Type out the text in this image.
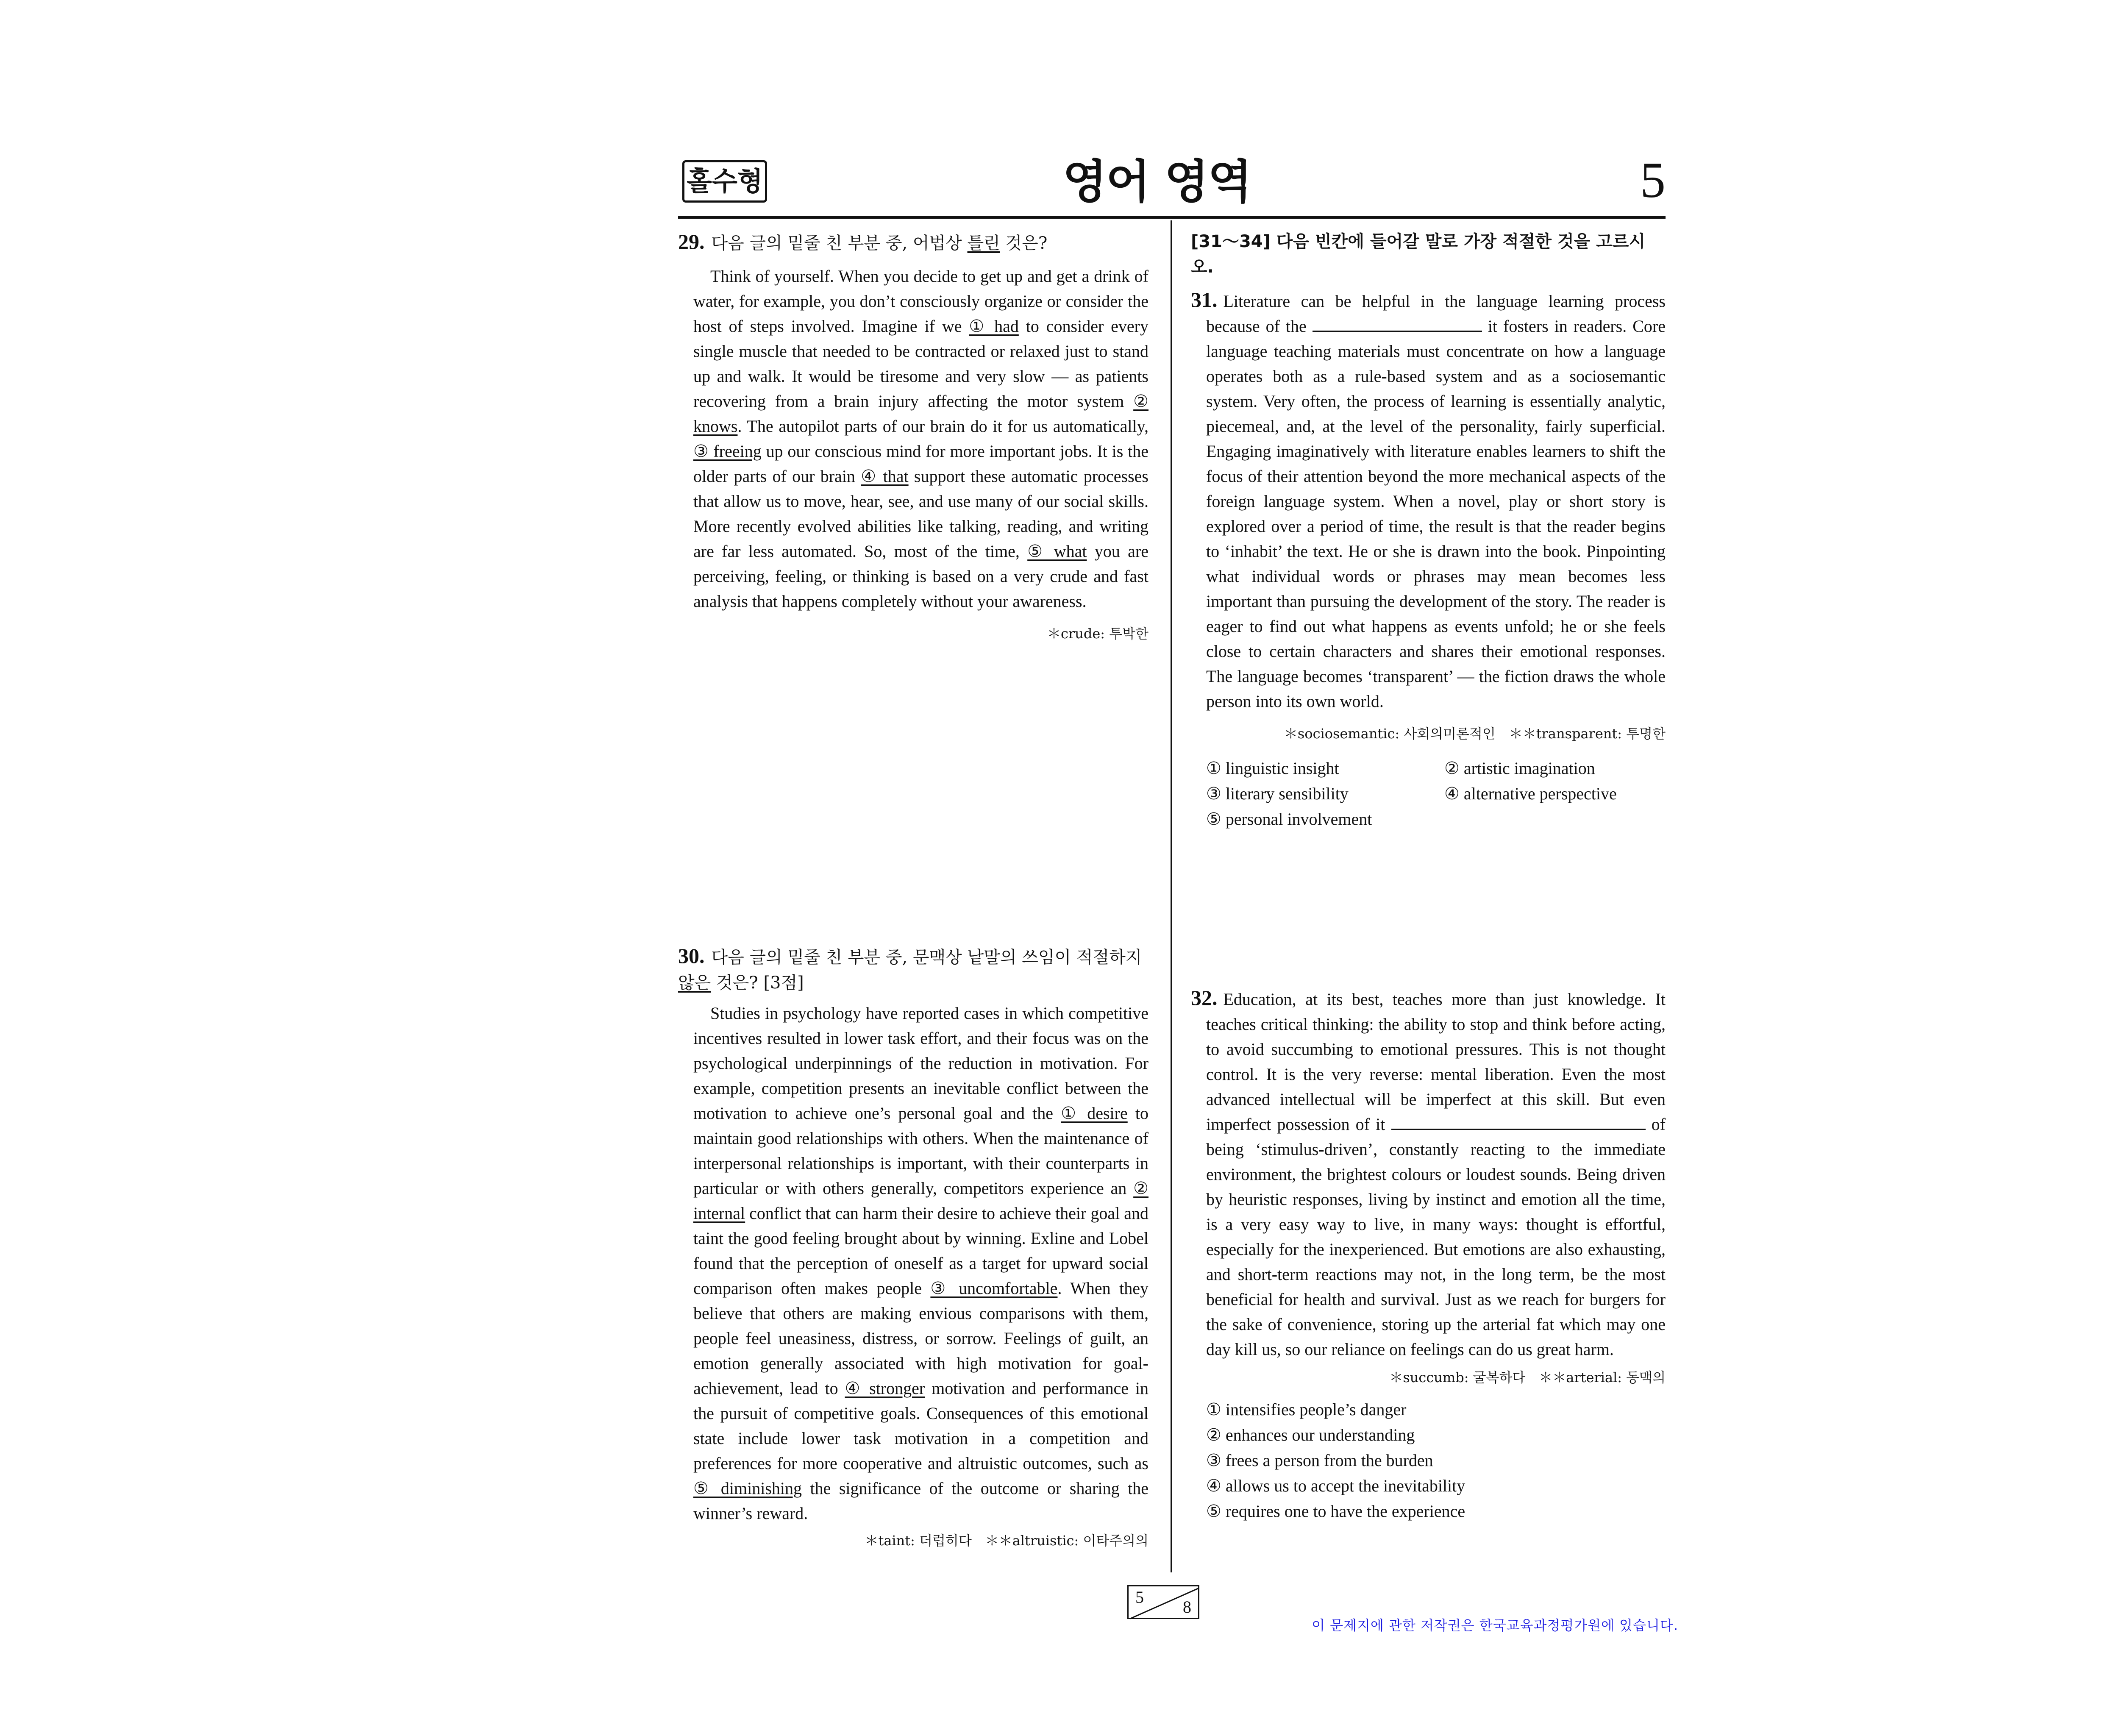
홀수형	영어 영역	5

29. 다음 글의 밑줄 친 부분 중, 어법상 틀린 것은?

Think of yourself. When you decide to get up and get a drink of water, for example, you don’t consciously organize or consider the host of steps involved. Imagine if we ① had to consider every single muscle that needed to be contracted or relaxed just to stand up and walk. It would be tiresome and very slow — as patients recovering from a brain injury affecting the motor system ② knows. The autopilot parts of our brain do it for us automatically, ③ freeing up our conscious mind for more important jobs. It is the older parts of our brain ④ that support these automatic processes that allow us to move, hear, see, and use many of our social skills. More recently evolved abilities like talking, reading, and writing are far less automated. So, most of the time, ⑤ what you are perceiving, feeling, or thinking is based on a very crude and fast analysis that happens completely without your awareness.

＊crude: 투박한

30. 다음 글의 밑줄 친 부분 중, 문맥상 낱말의 쓰임이 적절하지 않은 것은? [3점]

Studies in psychology have reported cases in which competitive incentives resulted in lower task effort, and their focus was on the psychological underpinnings of the reduction in motivation. For example, competition presents an inevitable conflict between the motivation to achieve one’s personal goal and the ① desire to maintain good relationships with others. When the maintenance of interpersonal relationships is important, with their counterparts in particular or with others generally, competitors experience an ② internal conflict that can harm their desire to achieve their goal and taint the good feeling brought about by winning. Exline and Lobel found that the perception of oneself as a target for upward social comparison often makes people ③ uncomfortable. When they believe that others are making envious comparisons with them, people feel uneasiness, distress, or sorrow. Feelings of guilt, an emotion generally associated with high motivation for goal-achievement, lead to ④ stronger motivation and performance in the pursuit of competitive goals. Consequences of this emotional state include lower task motivation in a competition and preferences for more cooperative and altruistic outcomes, such as ⑤ diminishing the significance of the outcome or sharing the winner’s reward.

＊taint: 더럽히다　＊＊altruistic: 이타주의의

[31～34] 다음 빈칸에 들어갈 말로 가장 적절한 것을 고르시오.

31. Literature can be helpful in the language learning process because of the	it fosters in readers. Core language teaching materials must concentrate on how a language operates both as a rule-based system and as a sociosemantic system. Very often, the process of learning is essentially analytic, piecemeal, and, at the level of the personality, fairly superficial. Engaging imaginatively with literature enables learners to shift the focus of their attention beyond the more mechanical aspects of the foreign language system. When a novel, play or short story is explored over a period of time, the result is that the reader begins to ‘inhabit’ the text. He or she is drawn into the book. Pinpointing what individual words or phrases may mean becomes less important than pursuing the development of the story. The reader is eager to find out what happens as events unfold; he or she feels close to certain characters and shares their emotional responses. The language becomes ‘transparent’ — the fiction draws the whole person into its own world.

＊sociosemantic: 사회의미론적인　＊＊transparent: 투명한

① linguistic insight	② artistic imagination
③ literary sensibility	④ alternative perspective
⑤ personal involvement

32. Education, at its best, teaches more than just knowledge. It teaches critical thinking: the ability to stop and think before acting, to avoid succumbing to emotional pressures. This is not thought control. It is the very reverse: mental liberation. Even the most advanced intellectual will be imperfect at this skill. But even imperfect possession of it	of being ‘stimulus-driven’, constantly reacting to the immediate environment, the brightest colours or loudest sounds. Being driven by heuristic responses, living by instinct and emotion all the time, is a very easy way to live, in many ways: thought is effortful, especially for the inexperienced. But emotions are also exhausting, and short-term reactions may not, in the long term, be the most beneficial for health and survival. Just as we reach for burgers for the sake of convenience, storing up the arterial fat which may one day kill us, so our reliance on feelings can do us great harm.

＊succumb: 굴복하다　＊＊arterial: 동맥의

① intensifies people’s danger
② enhances our understanding
③ frees a person from the burden
④ allows us to accept the inevitability
⑤ requires one to have the experience
5
8
이 문제지에 관한 저작권은 한국교육과정평가원에 있습니다.
